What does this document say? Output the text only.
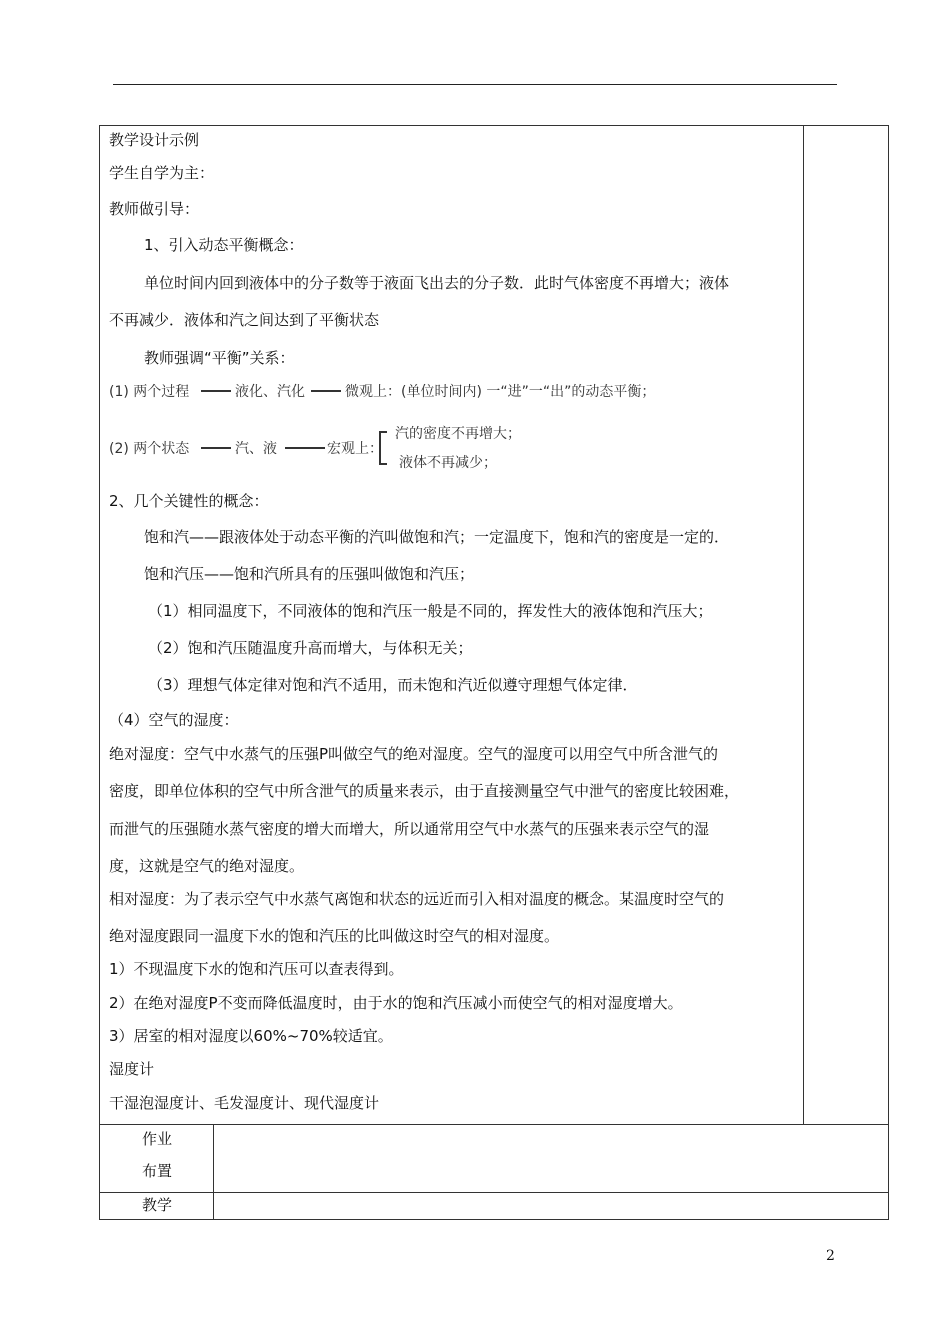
教学设计示例
学生自学为主：
教师做引导：
1、引入动态平衡概念：
单位时间内回到液体中的分子数等于液面飞出去的分子数．此时气体密度不再增大；液体
不再减少．液体和汽之间达到了平衡状态
教师强调“平衡”关系：
(1) 两个过程	液化、汽化	微观上：(单位时间内) 一“进”一“出”的动态平衡；
(2) 两个状态	汽、液	宏观上：
汽的密度不再增大；
液体不再减少；
2、几个关键性的概念：
饱和汽——跟液体处于动态平衡的汽叫做饱和汽；一定温度下，饱和汽的密度是一定的．
饱和汽压——饱和汽所具有的压强叫做饱和汽压；
（1）相同温度下，不同液体的饱和汽压一般是不同的，挥发性大的液体饱和汽压大；
（2）饱和汽压随温度升高而增大，与体积无关；
（3）理想气体定律对饱和汽不适用，而未饱和汽近似遵守理想气体定律．
（4）空气的湿度：
绝对湿度：空气中水蒸气的压强P叫做空气的绝对湿度。空气的湿度可以用空气中所含泄气的
密度，即单位体积的空气中所含泄气的质量来表示，由于直接测量空气中泄气的密度比较困难，
而泄气的压强随水蒸气密度的增大而增大，所以通常用空气中水蒸气的压强来表示空气的湿
度，这就是空气的绝对湿度。
相对湿度：为了表示空气中水蒸气离饱和状态的远近而引入相对温度的概念。某温度时空气的
绝对湿度跟同一温度下水的饱和汽压的比叫做这时空气的相对湿度。
1）不现温度下水的饱和汽压可以查表得到。
2）在绝对湿度P不变而降低温度时，由于水的饱和汽压减小而使空气的相对湿度增大。
3）居室的相对湿度以60%~70%较适宜。
湿度计
干湿泡湿度计、毛发湿度计、现代湿度计
作业
布置
教学
2
